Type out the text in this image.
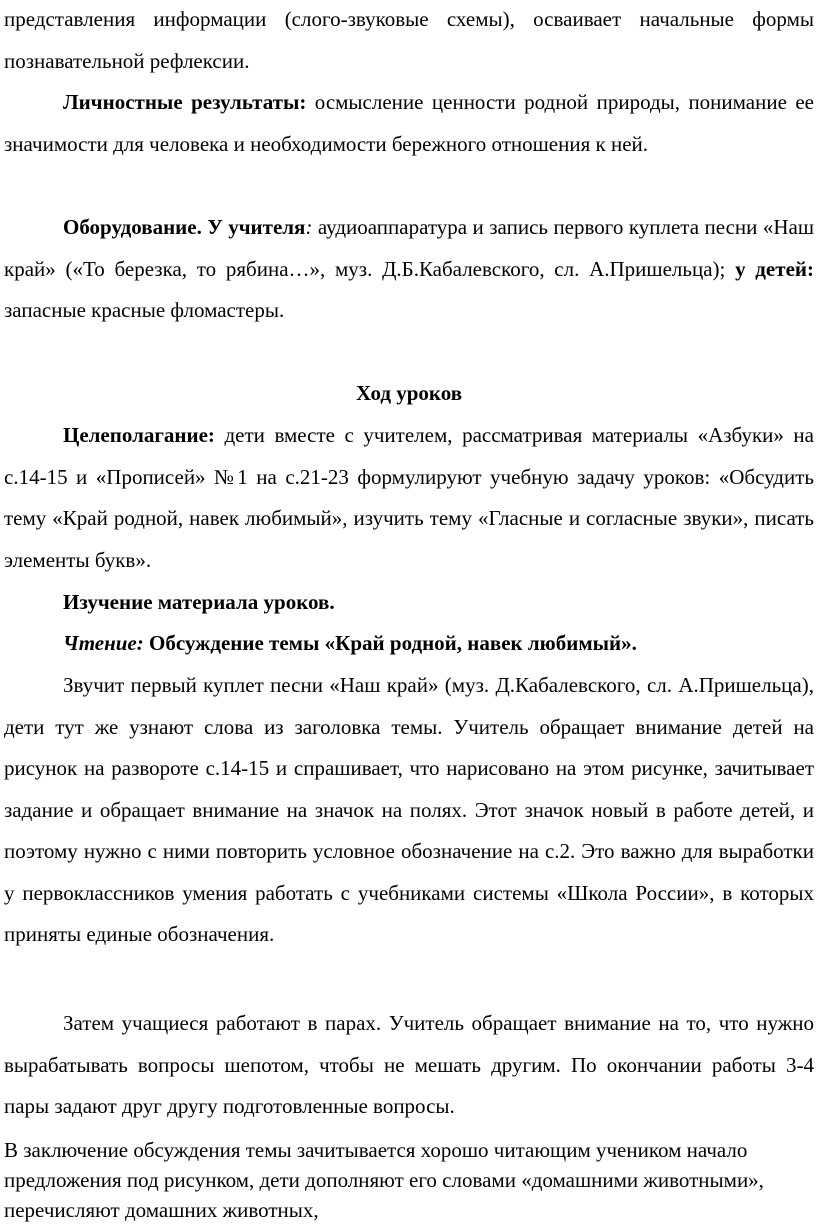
представления информации (слого-звуковые схемы), осваивает начальные формы познавательной рефлексии.

Личностные результаты: осмысление ценности родной природы, понимание ее значимости для человека и необходимости бережного отношения к ней.

Оборудование. У учителя: аудиоаппаратура и запись первого куплета песни «Наш край» («То березка, то рябина…», муз. Д.Б.Кабалевского, сл. А.Пришельца); у детей: запасные красные фломастеры.

Ход уроков

Целеполагание: дети вместе с учителем, рассматривая материалы «Азбуки» на с.14-15 и «Прописей» №1 на с.21-23 формулируют учебную задачу уроков: «Обсудить тему «Край родной, навек любимый», изучить тему «Гласные и согласные звуки», писать элементы букв».

Изучение материала уроков.

Чтение: Обсуждение темы «Край родной, навек любимый».

Звучит первый куплет песни «Наш край» (муз. Д.Кабалевского, сл. А.Пришельца), дети тут же узнают слова из заголовка темы. Учитель обращает внимание детей на рисунок на развороте с.14-15 и спрашивает, что нарисовано на этом рисунке, зачитывает задание и обращает внимание на значок на полях. Этот значок новый в работе детей, и поэтому нужно с ними повторить условное обозначение на с.2. Это важно для выработки у первоклассников умения работать с учебниками системы «Школа России», в которых приняты единые обозначения.

Затем учащиеся работают в парах. Учитель обращает внимание на то, что нужно вырабатывать вопросы шепотом, чтобы не мешать другим. По окончании работы 3-4 пары задают друг другу подготовленные вопросы.

В заключение обсуждения темы зачитывается хорошо читающим учеником начало предложения под рисунком, дети дополняют его словами «домашними животными», перечисляют домашних животных,
